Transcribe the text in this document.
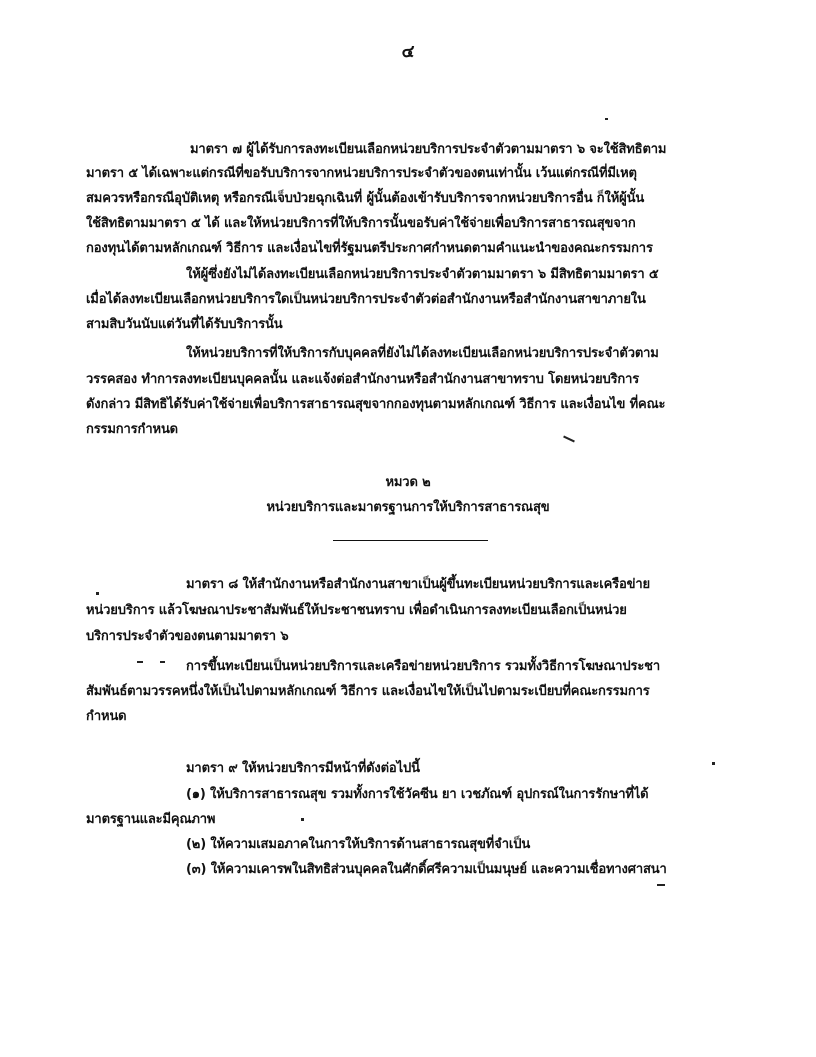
๔
มาตรา ๗ ผู้ได้รับการลงทะเบียนเลือกหน่วยบริการประจำตัวตามมาตรา ๖ จะใช้สิทธิตาม
มาตรา ๕ ได้เฉพาะแต่กรณีที่ขอรับบริการจากหน่วยบริการประจำตัวของตนเท่านั้น เว้นแต่กรณีที่มีเหตุ
สมควรหรือกรณีอุบัติเหตุ หรือกรณีเจ็บป่วยฉุกเฉินที่ ผู้นั้นต้องเข้ารับบริการจากหน่วยบริการอื่น ก็ให้ผู้นั้น
ใช้สิทธิตามมาตรา ๕ ได้ และให้หน่วยบริการที่ให้บริการนั้นขอรับค่าใช้จ่ายเพื่อบริการสาธารณสุขจาก
กองทุนได้ตามหลักเกณฑ์ วิธีการ และเงื่อนไขที่รัฐมนตรีประกาศกำหนดตามคำแนะนำของคณะกรรมการ
ให้ผู้ซึ่งยังไม่ได้ลงทะเบียนเลือกหน่วยบริการประจำตัวตามมาตรา ๖ มีสิทธิตามมาตรา ๕
เมื่อได้ลงทะเบียนเลือกหน่วยบริการใดเป็นหน่วยบริการประจำตัวต่อสำนักงานหรือสำนักงานสาขาภายใน
สามสิบวันนับแต่วันที่ได้รับบริการนั้น
ให้หน่วยบริการที่ให้บริการกับบุคคลที่ยังไม่ได้ลงทะเบียนเลือกหน่วยบริการประจำตัวตาม
วรรคสอง ทำการลงทะเบียนบุคคลนั้น และแจ้งต่อสำนักงานหรือสำนักงานสาขาทราบ โดยหน่วยบริการ
ดังกล่าว มีสิทธิได้รับค่าใช้จ่ายเพื่อบริการสาธารณสุขจากกองทุนตามหลักเกณฑ์ วิธีการ และเงื่อนไข ที่คณะ
กรรมการกำหนด
หมวด ๒
หน่วยบริการและมาตรฐานการให้บริการสาธารณสุข
มาตรา ๘ ให้สำนักงานหรือสำนักงานสาขาเป็นผู้ขึ้นทะเบียนหน่วยบริการและเครือข่าย
หน่วยบริการ แล้วโฆษณาประชาสัมพันธ์ให้ประชาชนทราบ เพื่อดำเนินการลงทะเบียนเลือกเป็นหน่วย
บริการประจำตัวของตนตามมาตรา ๖
การขึ้นทะเบียนเป็นหน่วยบริการและเครือข่ายหน่วยบริการ รวมทั้งวิธีการโฆษณาประชา
สัมพันธ์ตามวรรคหนึ่งให้เป็นไปตามหลักเกณฑ์ วิธีการ และเงื่อนไขให้เป็นไปตามระเบียบที่คณะกรรมการ
กำหนด
มาตรา ๙ ให้หน่วยบริการมีหน้าที่ดังต่อไปนี้
(๑) ให้บริการสาธารณสุข รวมทั้งการใช้วัคซีน ยา เวชภัณฑ์ อุปกรณ์ในการรักษาที่ได้
มาตรฐานและมีคุณภาพ
(๒) ให้ความเสมอภาคในการให้บริการด้านสาธารณสุขที่จำเป็น
(๓) ให้ความเคารพในสิทธิส่วนบุคคลในศักดิ์ศรีความเป็นมนุษย์ และความเชื่อทางศาสนา
